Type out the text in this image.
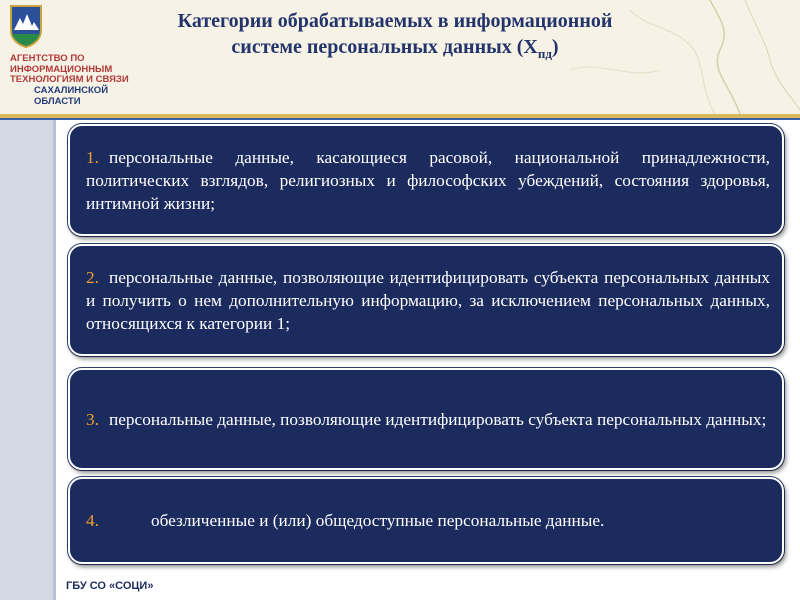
АГЕНТСТВО ПО ИНФОРМАЦИОННЫМ ТЕХНОЛОГИЯМ И СВЯЗИ
САХАЛИНСКОЙ ОБЛАСТИ
Категории обрабатываемых в информационной системе персональных данных $(Х_{пд})$

1. персональные данные, касающиеся расовой, национальной принадлежности, политических взглядов, религиозных и философских убеждений, состояния здоровья, интимной жизни;

2. персональные данные, позволяющие идентифицировать субъекта персональных данных и получить о нем дополнительную информацию, за исключением персональных данных, относящихся к категории 1;

3. персональные данные, позволяющие идентифицировать субъекта персональных данных;

4.	обезличенные и (или) общедоступные персональные данные.

ГБУ СО «СОЦИ»
